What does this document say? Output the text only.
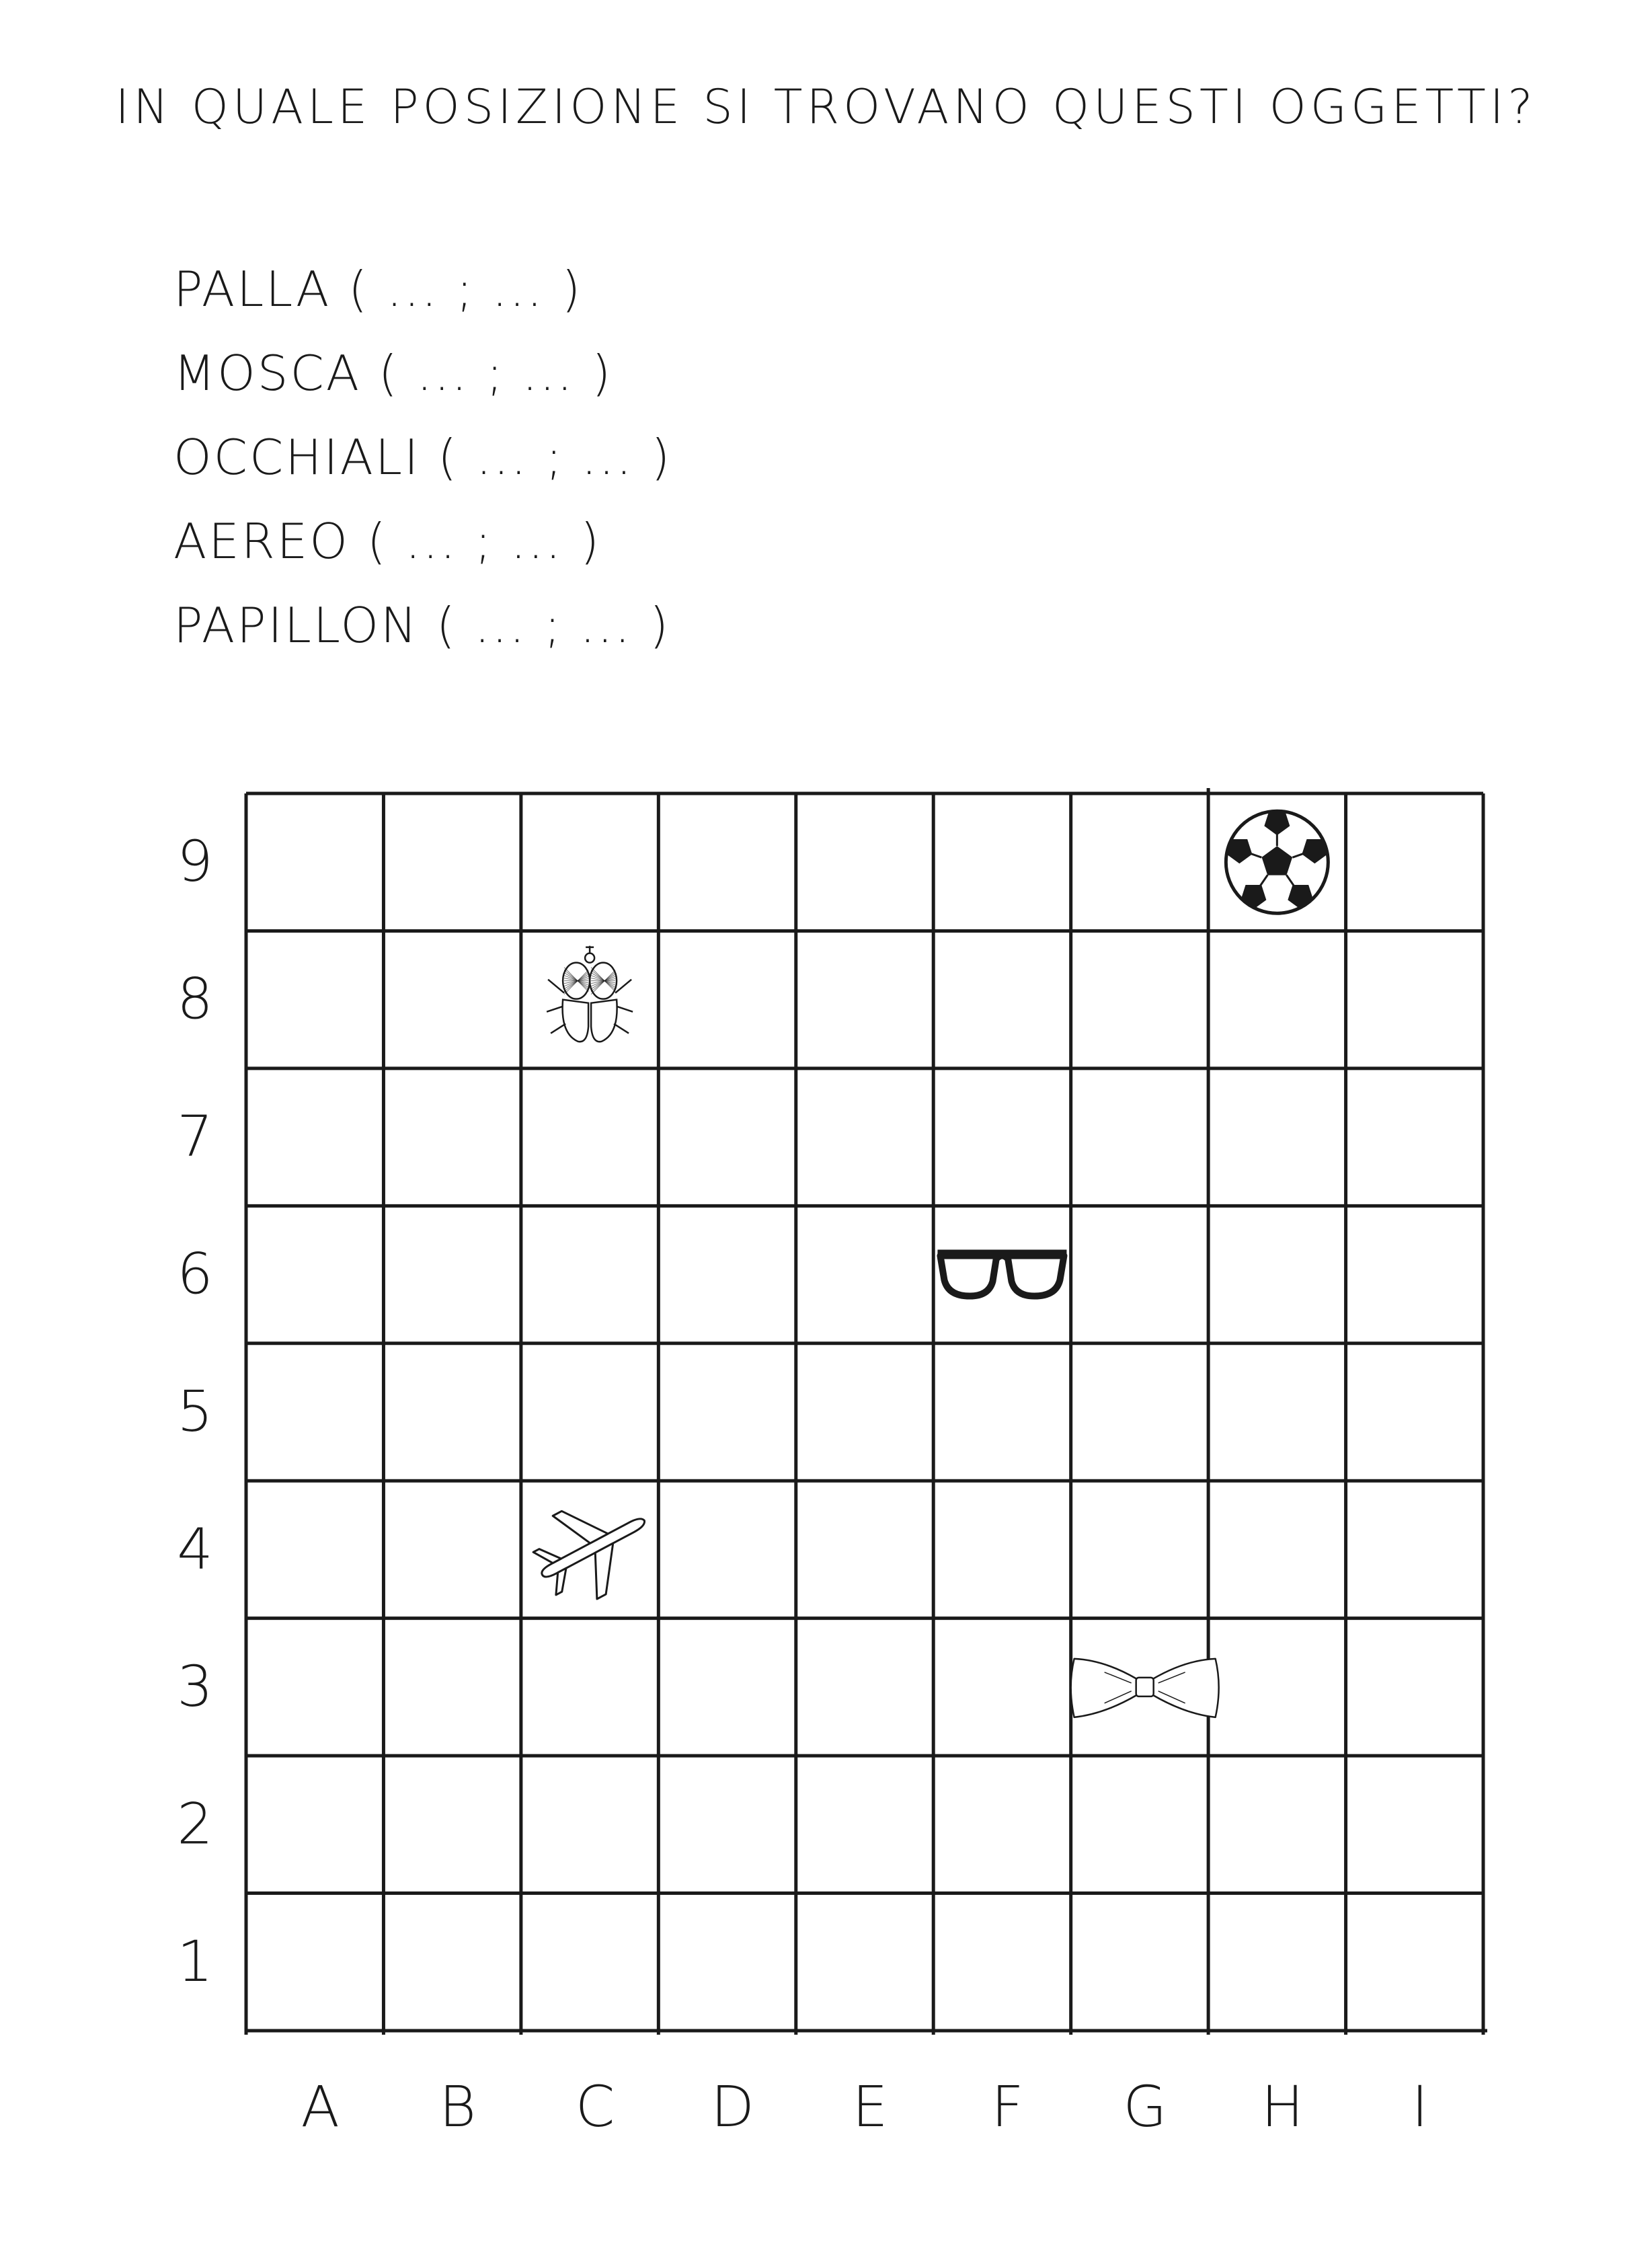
IN QUALE POSIZIONE SI TROVANO QUESTI OGGETTI?
PALLA ( ... ; ... )
MOSCA ( ... ; ... )
OCCHIALI ( ... ; ... )
AEREO ( ... ; ... )
PAPILLON ( ... ; ... )
9
8
7
6
5
4
3
2
1
A B C D E F G H I
